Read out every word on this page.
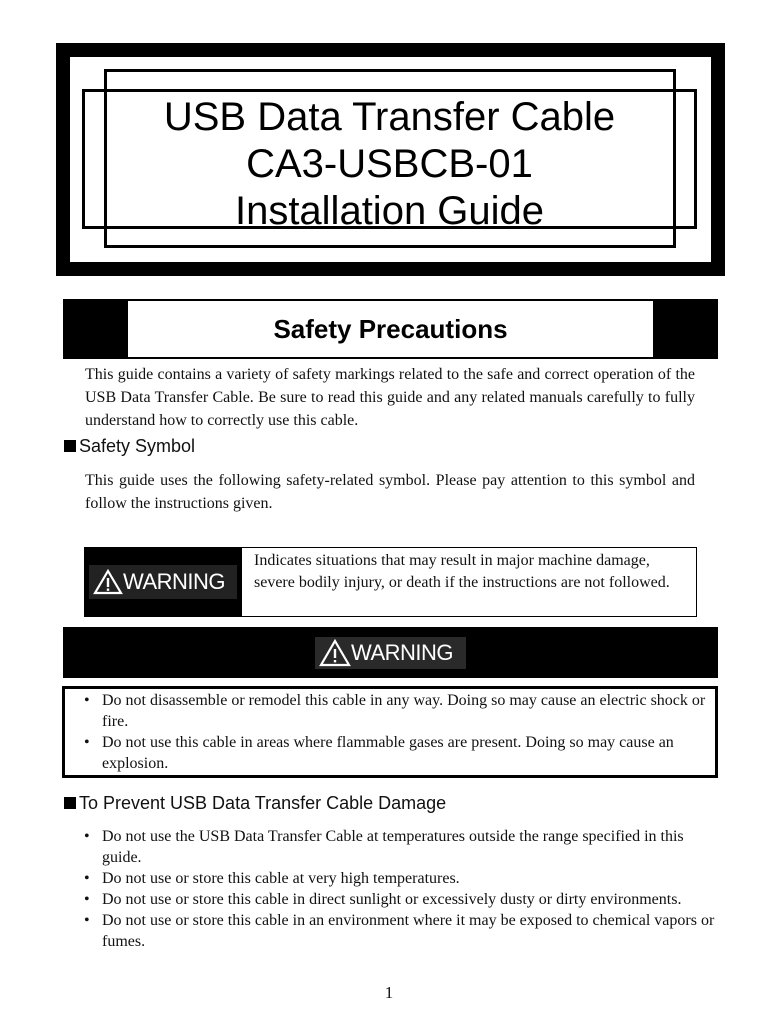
USB Data Transfer Cable
CA3-USBCB-01
Installation Guide
Safety Precautions
This guide contains a variety of safety markings related to the safe and correct operation of the USB Data Transfer Cable. Be sure to read this guide and any related manuals carefully to fully understand how to correctly use this cable.
Safety Symbol
This guide uses the following safety-related symbol. Please pay attention to this symbol and follow the instructions given.
WARNING
Indicates situations that may result in major machine damage, severe bodily injury, or death if the instructions are not followed.
WARNING
• Do not disassemble or remodel this cable in any way. Doing so may cause an electric shock or fire.
• Do not use this cable in areas where flammable gases are present. Doing so may cause an explosion.
To Prevent USB Data Transfer Cable Damage
• Do not use the USB Data Transfer Cable at temperatures outside the range specified in this guide.
• Do not use or store this cable at very high temperatures.
• Do not use or store this cable in direct sunlight or excessively dusty or dirty environments.
• Do not use or store this cable in an environment where it may be exposed to chemical vapors or fumes.
1
